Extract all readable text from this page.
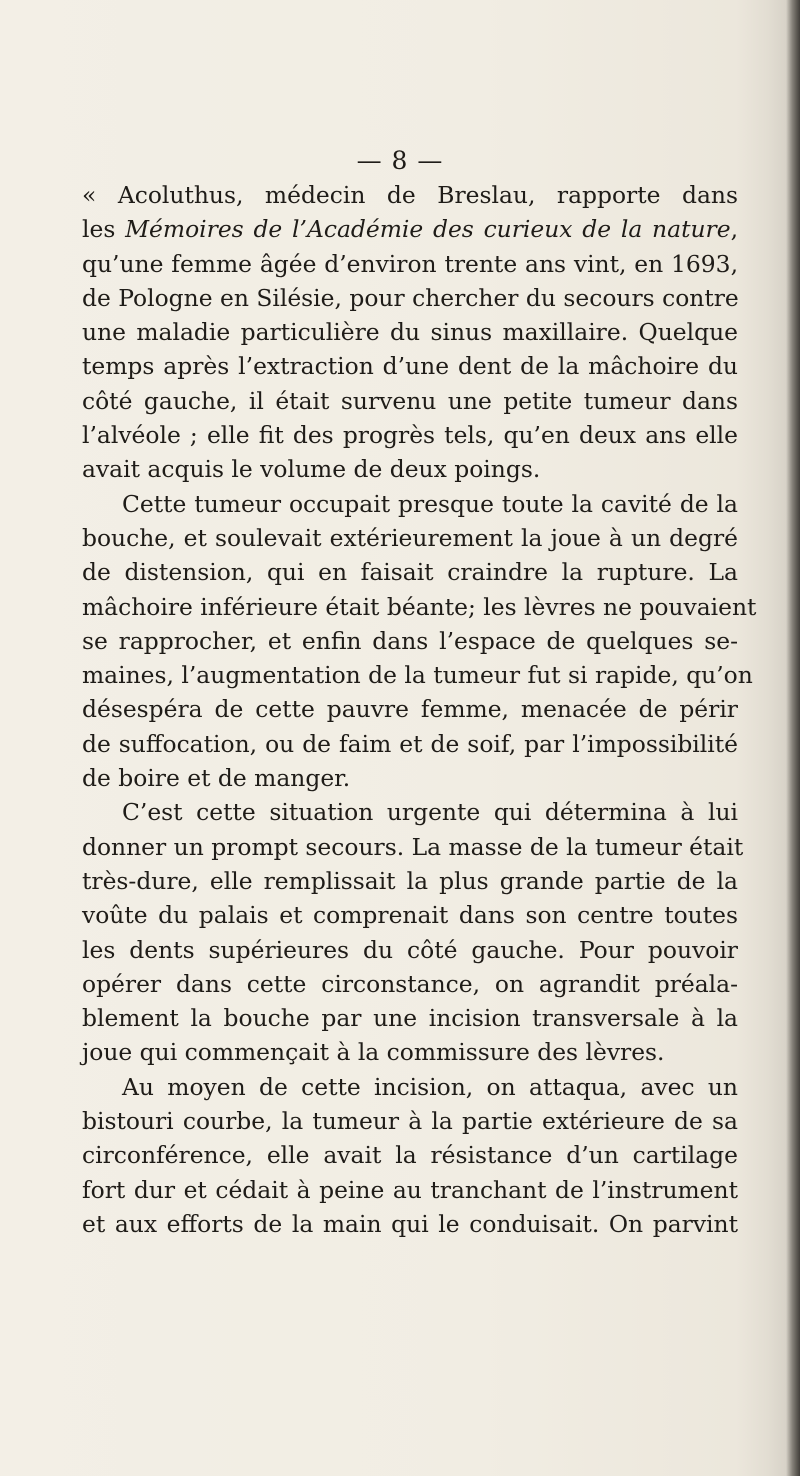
— 8 —
« Acoluthus, médecin de Breslau, rapporte dans
les Mémoires de l’Académie des curieux de la nature,
qu’une femme âgée d’environ trente ans vint, en 1693,
de Pologne en Silésie, pour chercher du secours contre
une maladie particulière du sinus maxillaire. Quelque
temps après l’extraction d’une dent de la mâchoire du
côté gauche, il était survenu une petite tumeur dans
l’alvéole ; elle fit des progrès tels, qu’en deux ans elle
avait acquis le volume de deux poings.
Cette tumeur occupait presque toute la cavité de la
bouche, et soulevait extérieurement la joue à un degré
de distension, qui en faisait craindre la rupture. La
mâchoire inférieure était béante; les lèvres ne pouvaient
se rapprocher, et enfin dans l’espace de quelques se-
maines, l’augmentation de la tumeur fut si rapide, qu’on
désespéra de cette pauvre femme, menacée de périr
de suffocation, ou de faim et de soif, par l’impossibilité
de boire et de manger.
C’est cette situation urgente qui détermina à lui
donner un prompt secours. La masse de la tumeur était
très-dure, elle remplissait la plus grande partie de la
voûte du palais et comprenait dans son centre toutes
les dents supérieures du côté gauche. Pour pouvoir
opérer dans cette circonstance, on agrandit préala-
blement la bouche par une incision transversale à la
joue qui commençait à la commissure des lèvres.
Au moyen de cette incision, on attaqua, avec un
bistouri courbe, la tumeur à la partie extérieure de sa
circonférence, elle avait la résistance d’un cartilage
fort dur et cédait à peine au tranchant de l’instrument
et aux efforts de la main qui le conduisait. On parvint
